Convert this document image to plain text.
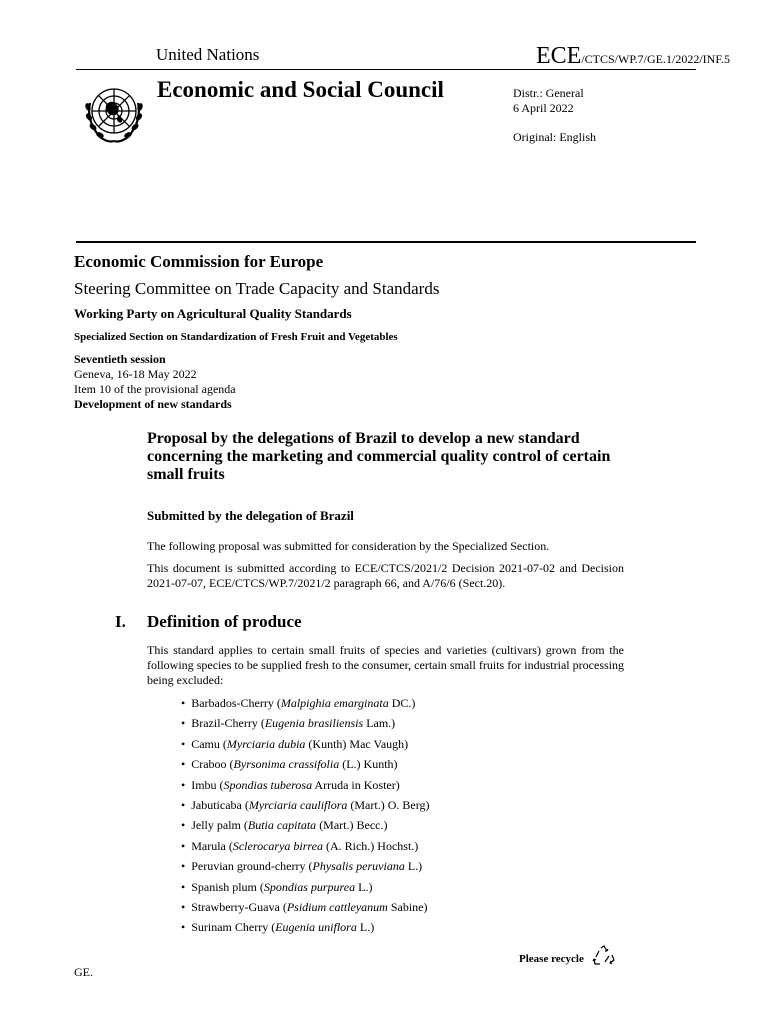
United Nations	ECE/CTCS/WP.7/GE.1/2022/INF.5
Economic and Social Council	Distr.: General
6 April 2022
Original: English
Economic Commission for Europe
Steering Committee on Trade Capacity and Standards
Working Party on Agricultural Quality Standards
Specialized Section on Standardization of Fresh Fruit and Vegetables
Seventieth session
Geneva, 16-18 May 2022
Item 10 of the provisional agenda
Development of new standards
Proposal by the delegations of Brazil to develop a new standard concerning the marketing and commercial quality control of certain small fruits
Submitted by the delegation of Brazil
The following proposal was submitted for consideration by the Specialized Section.
This document is submitted according to ECE/CTCS/2021/2 Decision 2021-07-02 and Decision 2021-07-07, ECE/CTCS/WP.7/2021/2 paragraph 66, and A/76/6 (Sect.20).
I. Definition of produce
This standard applies to certain small fruits of species and varieties (cultivars) grown from the following species to be supplied fresh to the consumer, certain small fruits for industrial processing being excluded:
• Barbados-Cherry (Malpighia emarginata DC.)
• Brazil-Cherry (Eugenia brasiliensis Lam.)
• Camu (Myrciaria dubia (Kunth) Mac Vaugh)
• Craboo (Byrsonima crassifolia (L.) Kunth)
• Imbu (Spondias tuberosa Arruda in Koster)
• Jabuticaba (Myrciaria cauliflora (Mart.) O. Berg)
• Jelly palm (Butia capitata (Mart.) Becc.)
• Marula (Sclerocarya birrea (A. Rich.) Hochst.)
• Peruvian ground-cherry (Physalis peruviana L.)
• Spanish plum (Spondias purpurea L.)
• Strawberry-Guava (Psidium cattleyanum Sabine)
• Surinam Cherry (Eugenia uniflora L.)
GE.
Please recycle
